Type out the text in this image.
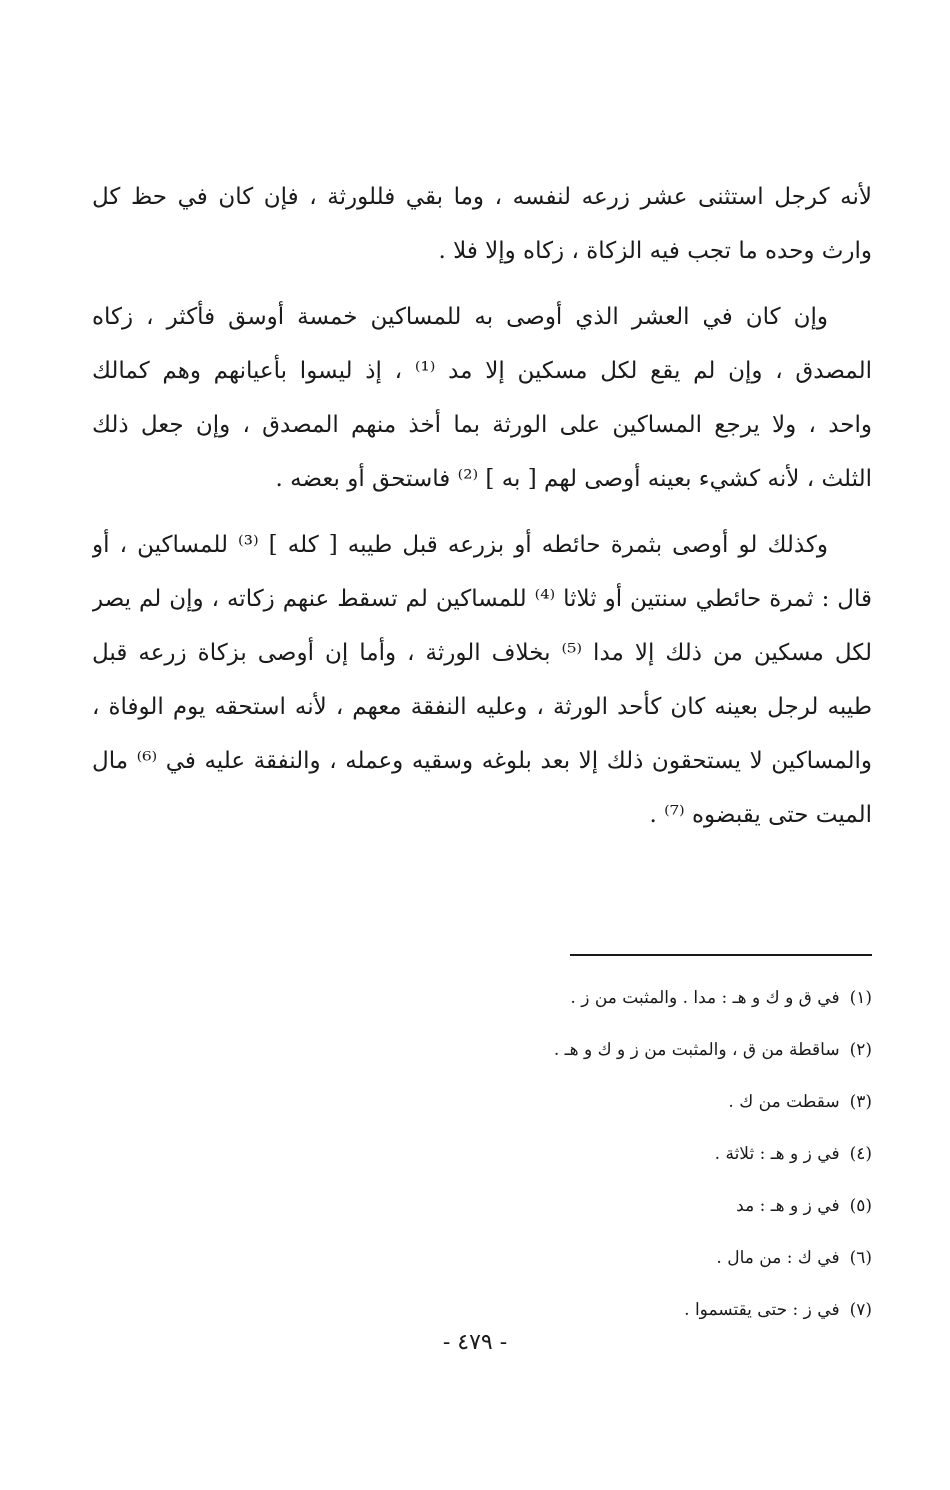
لأنه كرجل استثنى عشر زرعه لنفسه ، وما بقي فللورثة ، فإن كان في حظ كل
وارث وحده ما تجب فيه الزكاة ، زكاه وإلا فلا .
وإن كان في العشر الذي أوصى به للمساكين خمسة أوسق فأكثر ، زكاه
المصدق ، وإن لم يقع لكل مسكين إلا مد ⁽¹⁾ ، إذ ليسوا بأعيانهم وهم كمالك
واحد ، ولا يرجع المساكين على الورثة بما أخذ منهم المصدق ، وإن جعل ذلك
الثلث ، لأنه كشيء بعينه أوصى لهم [ به ] ⁽²⁾ فاستحق أو بعضه .
وكذلك لو أوصى بثمرة حائطه أو بزرعه قبل طيبه [ كله ] ⁽³⁾ للمساكين ، أو
قال : ثمرة حائطي سنتين أو ثلاثا ⁽⁴⁾ للمساكين لم تسقط عنهم زكاته ، وإن لم يصر
لكل مسكين من ذلك إلا مدا ⁽⁵⁾ بخلاف الورثة ، وأما إن أوصى بزكاة زرعه قبل
طيبه لرجل بعينه كان كأحد الورثة ، وعليه النفقة معهم ، لأنه استحقه يوم الوفاة ،
والمساكين لا يستحقون ذلك إلا بعد بلوغه وسقيه وعمله ، والنفقة عليه في ⁽⁶⁾ مال
الميت حتى يقبضوه ⁽⁷⁾ .
(١)في ق و ك و هـ : مدا . والمثبت من ز .
(٢)ساقطة من ق ، والمثبت من ز و ك و هـ .
(٣)سقطت من ك .
(٤)في ز و هـ : ثلاثة .
(٥)في ز و هـ : مد
(٦)في ك : من مال .
(٧)في ز : حتى يقتسموا .
- ٤٧٩ -
